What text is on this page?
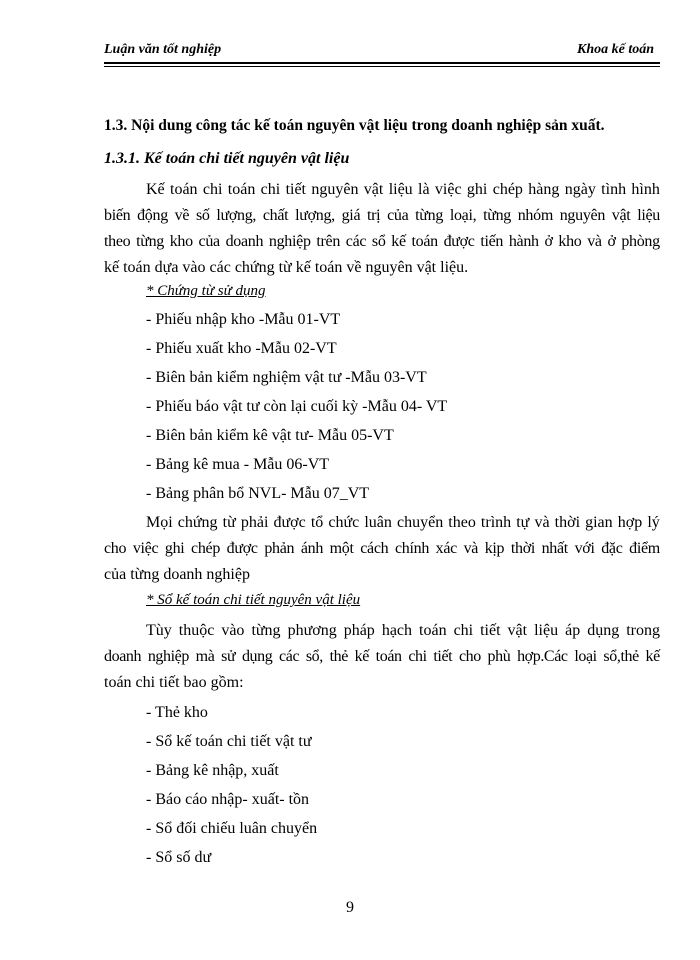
Luận văn tốt nghiệp	Khoa kế toán
1.3. Nội dung công tác kế toán nguyên vật liệu trong doanh nghiệp sản xuất.
1.3.1. Kế toán chi tiết nguyên vật liệu
Kế toán chi toán chi tiết nguyên vật liệu là việc ghi chép hàng ngày tình hình
biến động về số lượng, chất lượng, giá trị của từng loại, từng nhóm nguyên vật liệu
theo từng kho của doanh nghiệp trên các sổ kế toán được tiến hành ở kho và ở phòng
kế toán dựa vào các chứng từ kế toán về nguyên vật liệu.
* Chứng từ sử dụng
- Phiếu nhập kho -Mẫu 01-VT
- Phiếu xuất kho -Mẫu 02-VT
- Biên bản kiểm nghiệm vật tư -Mẫu 03-VT
- Phiếu báo vật tư còn lại cuối kỳ -Mẫu 04- VT
- Biên bản kiểm kê vật tư- Mẫu 05-VT
- Bảng kê mua - Mẫu 06-VT
- Bảng phân bổ NVL- Mẫu 07_VT
Mọi chứng từ phải được tổ chức luân chuyển theo trình tự và thời gian hợp lý
cho việc ghi chép được phản ánh một cách chính xác và kịp thời nhất với đặc điểm
của từng doanh nghiệp
* Sổ kế toán chi tiết nguyên vật liệu
Tùy thuộc vào từng phương pháp hạch toán chi tiết vật liệu áp dụng trong
doanh nghiệp mà sử dụng các sổ, thẻ kế toán chi tiết cho phù hợp.Các loại sổ,thẻ kế
toán chi tiết bao gồm:
- Thẻ kho
- Sổ kế toán chi tiết vật tư
- Bảng kê nhập, xuất
- Báo cáo nhập- xuất- tồn
- Sổ đối chiếu luân chuyển
- Sổ số dư
9
